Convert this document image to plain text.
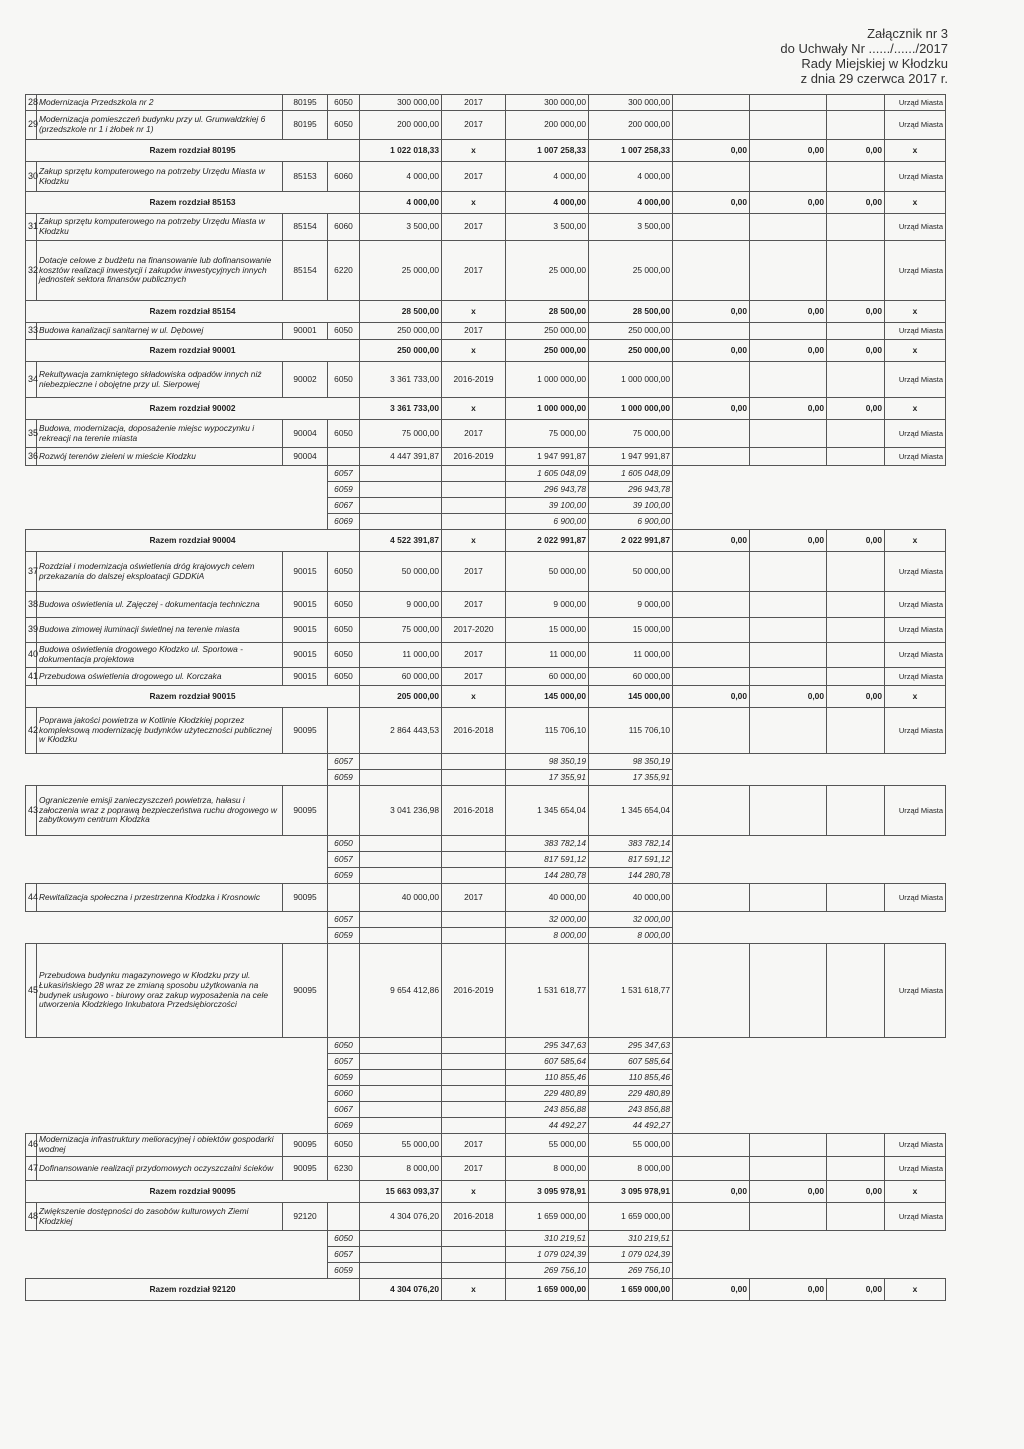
Załącznik nr 3
do Uchwały Nr ....../....../2017
Rady Miejskiej w Kłodzku
z dnia 29 czerwca 2017 r.
28	Modernizacja Przedszkola nr 2	80195	6050	300 000,00	2017	300 000,00	300 000,00				Urząd Miasta
29	Modernizacja pomieszczeń budynku przy ul. Grunwaldzkiej 6 (przedszkole nr 1 i żłobek nr 1)	80195	6050	200 000,00	2017	200 000,00	200 000,00				Urząd Miasta
Razem rozdział 80195				1 022 018,33	x	1 007 258,33	1 007 258,33	0,00	0,00	0,00	x
30	Zakup sprzętu komputerowego na potrzeby Urzędu Miasta w Kłodzku	85153	6060	4 000,00	2017	4 000,00	4 000,00				Urząd Miasta
Razem rozdział 85153				4 000,00	x	4 000,00	4 000,00	0,00	0,00	0,00	x
31	Zakup sprzętu komputerowego na potrzeby Urzędu Miasta w Kłodzku	85154	6060	3 500,00	2017	3 500,00	3 500,00				Urząd Miasta
32	Dotacje celowe z budżetu na finansowanie lub dofinansowanie kosztów realizacji inwestycji i zakupów inwestycyjnych innych jednostek sektora finansów publicznych	85154	6220	25 000,00	2017	25 000,00	25 000,00				Urząd Miasta
Razem rozdział 85154				28 500,00	x	28 500,00	28 500,00	0,00	0,00	0,00	x
33	Budowa kanalizacji sanitarnej w ul. Dębowej	90001	6050	250 000,00	2017	250 000,00	250 000,00				Urząd Miasta
Razem rozdział 90001				250 000,00	x	250 000,00	250 000,00	0,00	0,00	0,00	x
34	Rekultywacja zamkniętego składowiska odpadów innych niż niebezpieczne i obojętne przy ul. Sierpowej	90002	6050	3 361 733,00	2016-2019	1 000 000,00	1 000 000,00				Urząd Miasta
Razem rozdział 90002				3 361 733,00	x	1 000 000,00	1 000 000,00	0,00	0,00	0,00	x
35	Budowa, modernizacja, doposażenie miejsc wypoczynku i rekreacji na terenie miasta	90004	6050	75 000,00	2017	75 000,00	75 000,00				Urząd Miasta
36	Rozwój terenów zieleni w mieście Kłodzku	90004		4 447 391,87	2016-2019	1 947 991,87	1 947 991,87				Urząd Miasta
			6057			1 605 048,09	1 605 048,09				
			6059			296 943,78	296 943,78				
			6067			39 100,00	39 100,00				
			6069			6 900,00	6 900,00				
Razem rozdział 90004				4 522 391,87	x	2 022 991,87	2 022 991,87	0,00	0,00	0,00	x
37	Rozdział i modernizacja oświetlenia dróg krajowych celem przekazania do dalszej eksploatacji GDDKiA	90015	6050	50 000,00	2017	50 000,00	50 000,00				Urząd Miasta
38	Budowa oświetlenia ul. Zajęczej - dokumentacja techniczna	90015	6050	9 000,00	2017	9 000,00	9 000,00				Urząd Miasta
39	Budowa zimowej iluminacji świetlnej na terenie miasta	90015	6050	75 000,00	2017-2020	15 000,00	15 000,00				Urząd Miasta
40	Budowa oświetlenia drogowego Kłodzko ul. Sportowa - dokumentacja projektowa	90015	6050	11 000,00	2017	11 000,00	11 000,00				Urząd Miasta
41	Przebudowa oświetlenia drogowego ul. Korczaka	90015	6050	60 000,00	2017	60 000,00	60 000,00				Urząd Miasta
Razem rozdział 90015				205 000,00	x	145 000,00	145 000,00	0,00	0,00	0,00	x
42	Poprawa jakości powietrza w Kotlinie Kłodzkiej poprzez kompleksową modernizację budynków użyteczności publicznej w Kłodzku	90095		2 864 443,53	2016-2018	115 706,10	115 706,10				Urząd Miasta
			6057			98 350,19	98 350,19				
			6059			17 355,91	17 355,91				
43	Ograniczenie emisji zanieczyszczeń powietrza, hałasu i załoczenia wraz z poprawą bezpieczeństwa ruchu drogowego w zabytkowym centrum Kłodzka	90095		3 041 236,98	2016-2018	1 345 654,04	1 345 654,04				Urząd Miasta
			6050			383 782,14	383 782,14				
			6057			817 591,12	817 591,12				
			6059			144 280,78	144 280,78				
44	Rewitalizacja społeczna i przestrzenna Kłodzka i Krosnowic	90095		40 000,00	2017	40 000,00	40 000,00				Urząd Miasta
			6057			32 000,00	32 000,00				
			6059			8 000,00	8 000,00				
45	Przebudowa budynku magazynowego w Kłodzku przy ul. Łukasińskiego 28 wraz ze zmianą sposobu użytkowania na budynek usługowo - biurowy oraz zakup wyposażenia na cele utworzenia Kłodzkiego Inkubatora Przedsiębiorczości	90095		9 654 412,86	2016-2019	1 531 618,77	1 531 618,77				Urząd Miasta
			6050			295 347,63	295 347,63				
			6057			607 585,64	607 585,64				
			6059			110 855,46	110 855,46				
			6060			229 480,89	229 480,89				
			6067			243 856,88	243 856,88				
			6069			44 492,27	44 492,27				
46	Modernizacja infrastruktury melioracyjnej i obiektów gospodarki wodnej	90095	6050	55 000,00	2017	55 000,00	55 000,00				Urząd Miasta
47	Dofinansowanie realizacji przydomowych oczyszczalni ścieków	90095	6230	8 000,00	2017	8 000,00	8 000,00				Urząd Miasta
Razem rozdział 90095				15 663 093,37	x	3 095 978,91	3 095 978,91	0,00	0,00	0,00	x
48	Zwiększenie dostępności do zasobów kulturowych Ziemi Kłodzkiej	92120		4 304 076,20	2016-2018	1 659 000,00	1 659 000,00				Urząd Miasta
			6050			310 219,51	310 219,51				
			6057			1 079 024,39	1 079 024,39				
			6059			269 756,10	269 756,10				
Razem rozdział 92120				4 304 076,20	x	1 659 000,00	1 659 000,00	0,00	0,00	0,00	x
